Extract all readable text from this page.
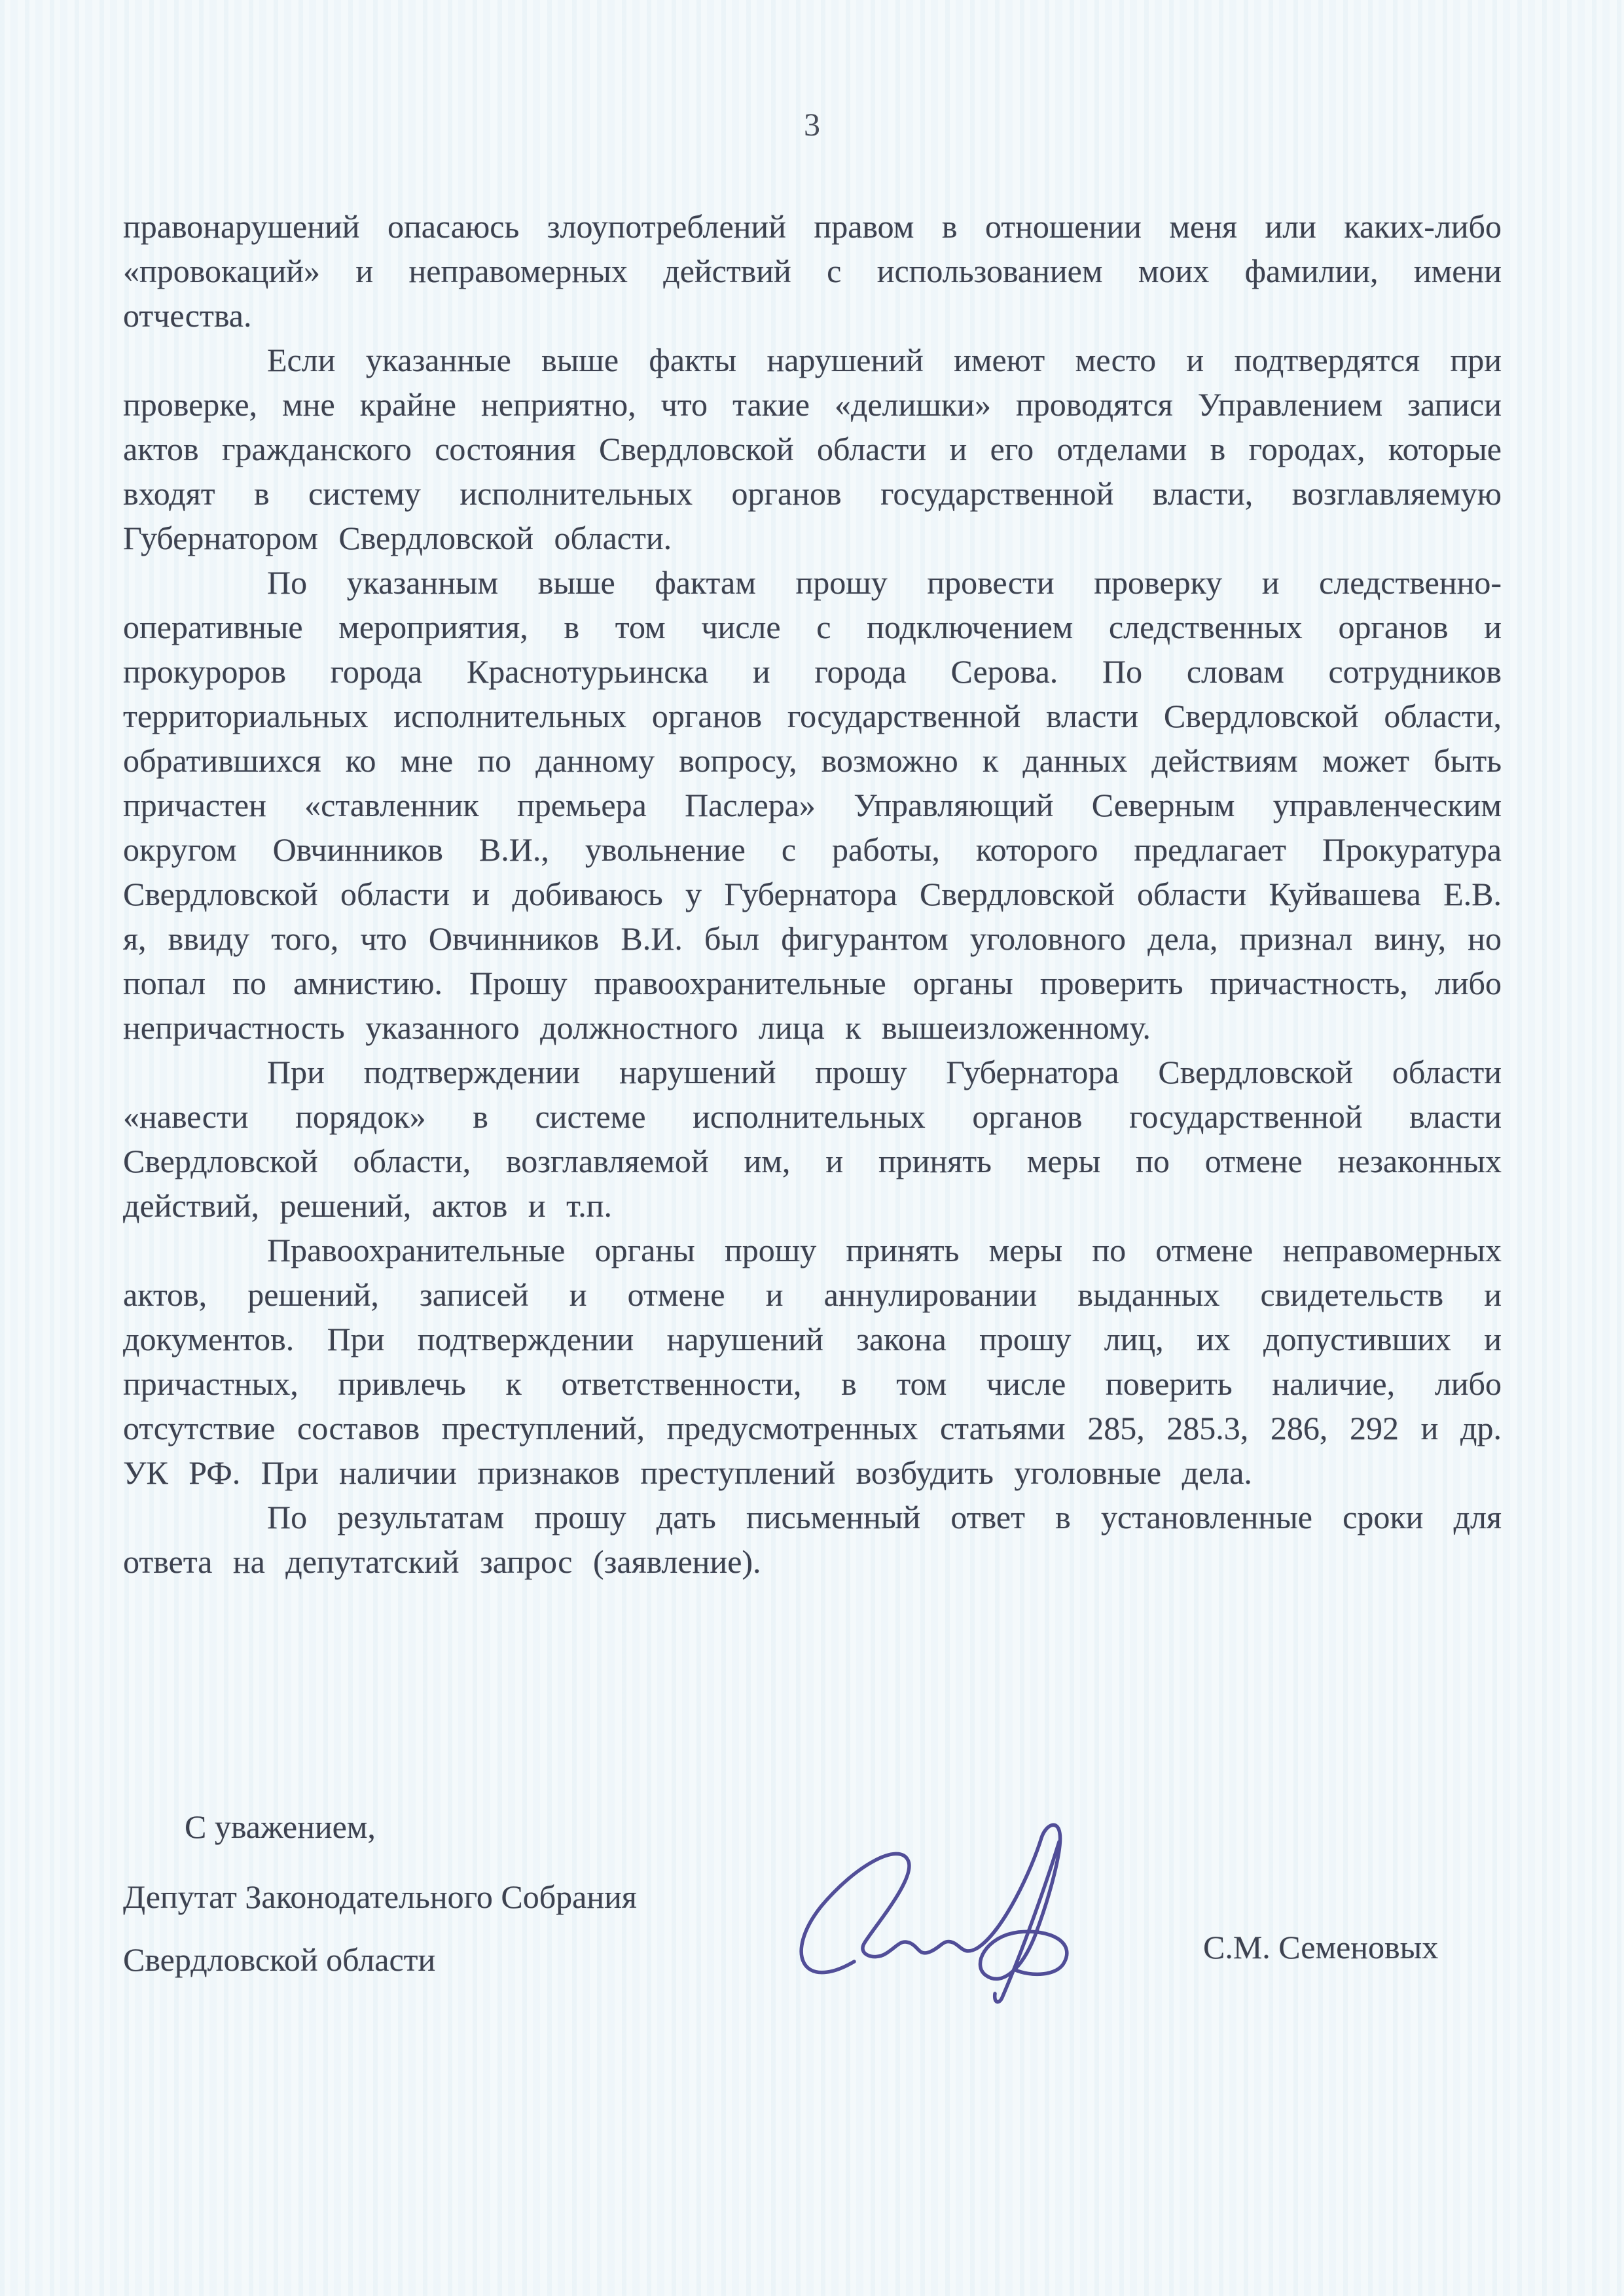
3

правонарушений опасаюсь злоупотреблений правом в отношении меня или каких-либо «провокаций» и неправомерных действий с использованием моих фамилии, имени отчества.

Если указанные выше факты нарушений имеют место и подтвердятся при проверке, мне крайне неприятно, что такие «делишки» проводятся Управлением записи актов гражданского состояния Свердловской области и его отделами в городах, которые входят в систему исполнительных органов государственной власти, возглавляемую Губернатором Свердловской области.

По указанным выше фактам прошу провести проверку и следственно-оперативные мероприятия, в том числе с подключением следственных органов и прокуроров города Краснотурьинска и города Серова. По словам сотрудников территориальных исполнительных органов государственной власти Свердловской области, обратившихся ко мне по данному вопросу, возможно к данных действиям может быть причастен «ставленник премьера Паслера» Управляющий Северным управленческим округом Овчинников В.И., увольнение с работы, которого предлагает Прокуратура Свердловской области и добиваюсь у Губернатора Свердловской области Куйвашева Е.В. я, ввиду того, что Овчинников В.И. был фигурантом уголовного дела, признал вину, но попал по амнистию. Прошу правоохранительные органы проверить причастность, либо непричастность указанного должностного лица к вышеизложенному.

При подтверждении нарушений прошу Губернатора Свердловской области «навести порядок» в системе исполнительных органов государственной власти Свердловской области, возглавляемой им, и принять меры по отмене незаконных действий, решений, актов и т.п.

Правоохранительные органы прошу принять меры по отмене неправомерных актов, решений, записей и отмене и аннулировании выданных свидетельств и документов. При подтверждении нарушений закона прошу лиц, их допустивших и причастных, привлечь к ответственности, в том числе поверить наличие, либо отсутствие составов преступлений, предусмотренных статьями 285, 285.3, 286, 292 и др. УК РФ. При наличии признаков преступлений возбудить уголовные дела.

По результатам прошу дать письменный ответ в установленные сроки для ответа на депутатский запрос (заявление).

С уважением,
Депутат Законодательного Собрания
Свердловской области	С.М. Семеновых
